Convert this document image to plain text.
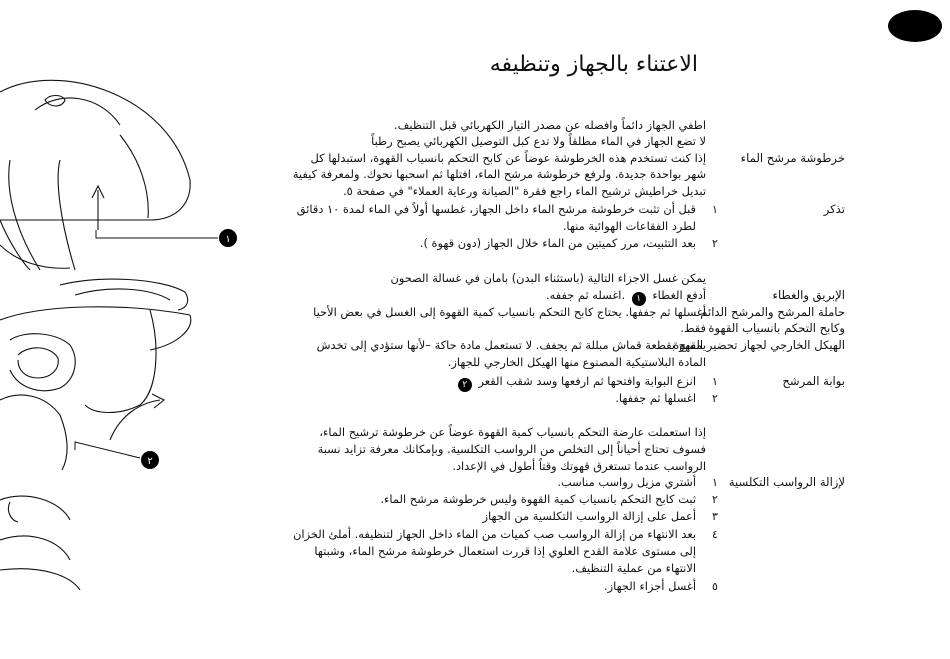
١
٢
الاعتناء بالجهاز وتنظيفه
خرطوشة مرشح الماء
اطفي الجهاز دائماً وافصله عن مصدر التيار الكهربائي قبل التنظيف.
لا تضع الجهاز في الماء مطلقاً ولا تدع كبل التوصيل الكهربائي يصبح رطباً
إذا كنت تستخدم هذه الخرطوشة عوضاً عن كابح التحكم بانسياب القهوة، استبدلها كل
شهر بواحدة جديدة. ولرفع خرطوشة مرشح الماء، افتلها ثم اسحبها نحوك. ولمعرفة كيفية
تبديل خراطيش ترشيح الماء راجع فقرة "الصيانة ورعاية العملاء" في صفحة ٥.
تذكر
١
قبل أن تثبت خرطوشة مرشح الماء داخل الجهاز، غطسها أولاً في الماء لمدة ١٠ دقائق
لطرد الفقاعات الهوائية منها.
٢
بعد التثبيت، مرر كميتين من الماء خلال الجهاز (دون قهوة ).
يمكن غسل الاجزاء التالية (باستثناء البدن) بامان في غسالة الصحون
الإبريق والغطاء
حاملة المرشح والمرشح الدائم
وكابح التحكم بانسياب القهوة
الهيكل الخارجي لجهاز تحضير القهوة
أدفع الغطاء ١ .اغسله ثم جففه.
أغسلها ثم جففها. يحتاج كابح التحكم بانسياب كمية القهوة إلى الغسل في بعض الأحيا
فقط.
يمسح بقطعة قماش مبللة ثم يجفف. لا تستعمل مادة حاكة –لأنها ستؤدي إلى تخدش
المادة البلاستيكية المصنوع منها الهيكل الخارجي للجهاز.
بوابة المرشح
١
انزع البوابة وافتحها ثم ارفعها وسد شقب القعر ٢
٢
اغسلها ثم جففها.
إذا استعملت عارضة التحكم بانسياب كمية القهوة عوضاً عن خرطوشة ترشيح الماء،
فسوف تحتاج أحياناً إلى التخلص من الرواسب التكلسية. وبإمكانك معرفة تزايد نسبة
الرواسب عندما تستغرق قهوتك وقتاً أطول في الإعداد.
لإزالة الرواسب التكلسية
١
أشتري مزيل رواسب مناسب.
٢
ثبت كابح التحكم بانسياب كمية القهوة وليس خرطوشة مرشح الماء.
٣
أعمل على إزالة الرواسب التكلسية من الجهاز
٤
بعد الانتهاء من إزالة الرواسب صب كميات من الماء داخل الجهاز لتنظيفه. أملئ الخزان
إلى مستوى علامة القدح العلوي إذا قررت استعمال خرطوشة مرشح الماء، وشبتها
الانتهاء من عملية التنظيف.
٥
أغسل أجزاء الجهاز.
